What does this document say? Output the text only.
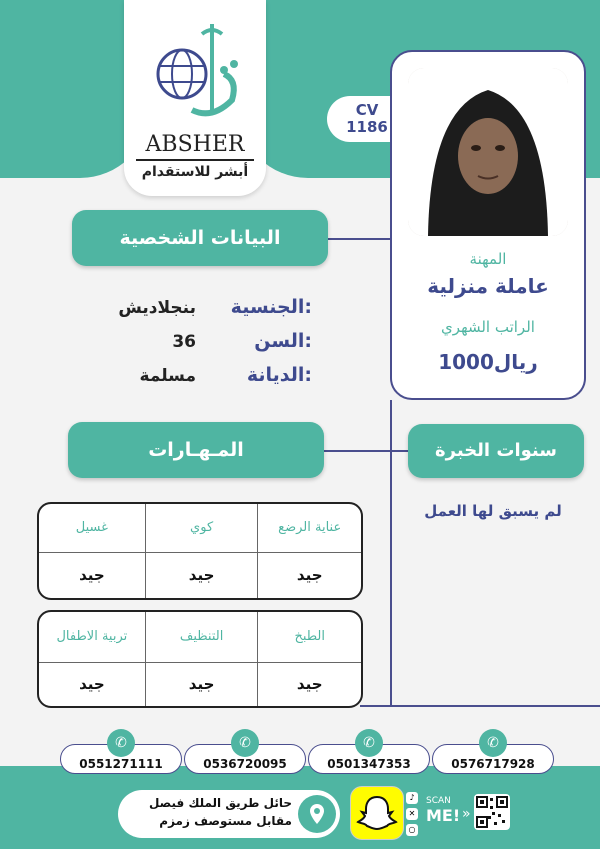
ABSHER
أبشر للاستقدام
CV
1186
المهنة
عاملة منزلية
الراتب الشهري
1000ريال
البيانات الشخصية
الجنسية:
بنجلاديش
السن:
36
الديانة:
مسلمة
المـهـارات	سنوات الخبرة
لم يسبق لها العمل
غسيل	كوي	عناية الرضع
جيد	جيد	جيد
تربية الاطفال	التنظيف	الطبخ
جيد	جيد	جيد
✆
0551271111
✆
0536720095
✆
0501347353
✆
0576717928
حائل طريق الملك فيصل
مقابل مستوصف زمزم
♪
✕
○
SCAN
ME! »
